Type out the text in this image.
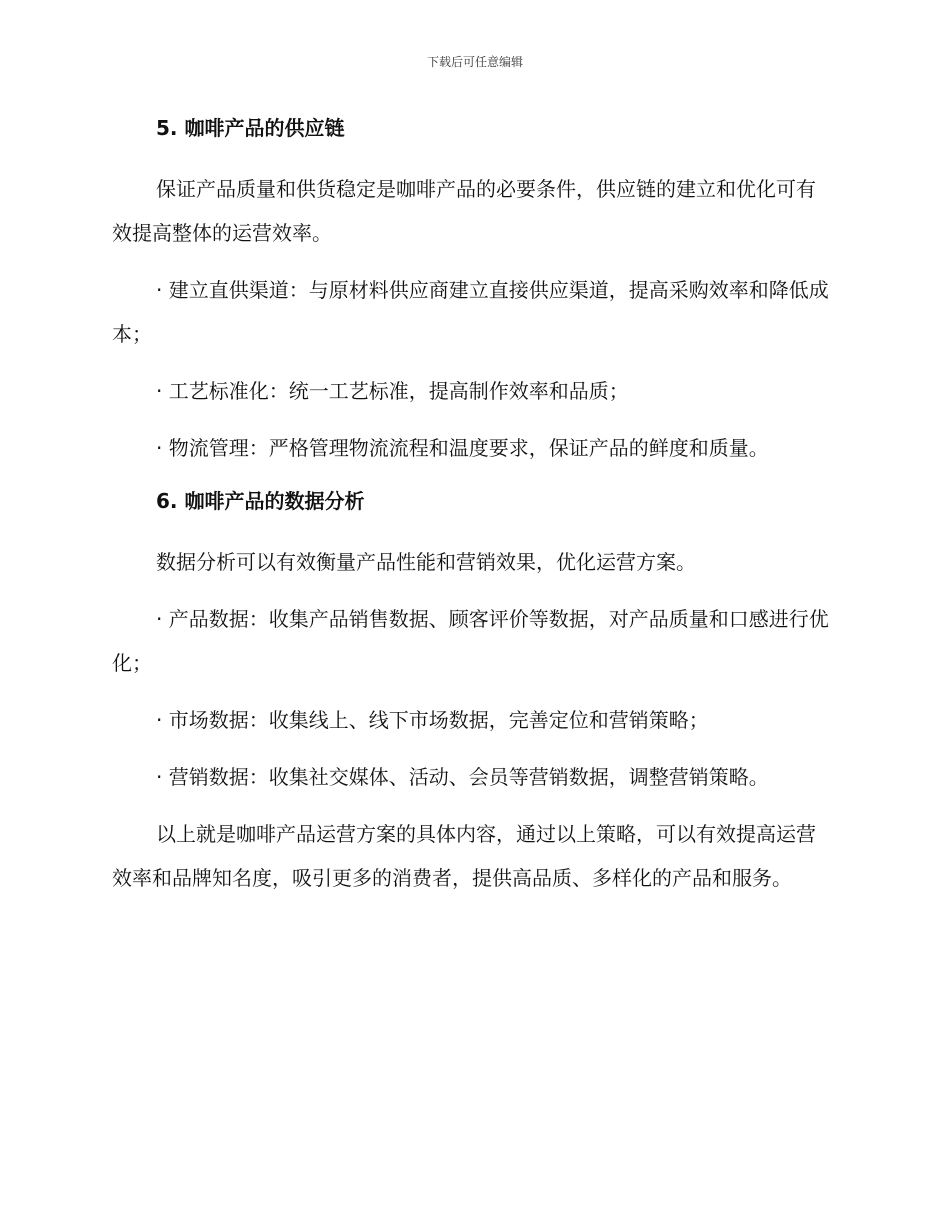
下载后可任意编辑
5. 咖啡产品的供应链

保证产品质量和供货稳定是咖啡产品的必要条件，供应链的建立和优化可有效提高整体的运营效率。

· 建立直供渠道：与原材料供应商建立直接供应渠道，提高采购效率和降低成本；

· 工艺标准化：统一工艺标准，提高制作效率和品质；

· 物流管理：严格管理物流流程和温度要求，保证产品的鲜度和质量。

6. 咖啡产品的数据分析

数据分析可以有效衡量产品性能和营销效果，优化运营方案。

· 产品数据：收集产品销售数据、顾客评价等数据，对产品质量和口感进行优化；

· 市场数据：收集线上、线下市场数据，完善定位和营销策略；

· 营销数据：收集社交媒体、活动、会员等营销数据，调整营销策略。

以上就是咖啡产品运营方案的具体内容，通过以上策略，可以有效提高运营效率和品牌知名度，吸引更多的消费者，提供高品质、多样化的产品和服务。
